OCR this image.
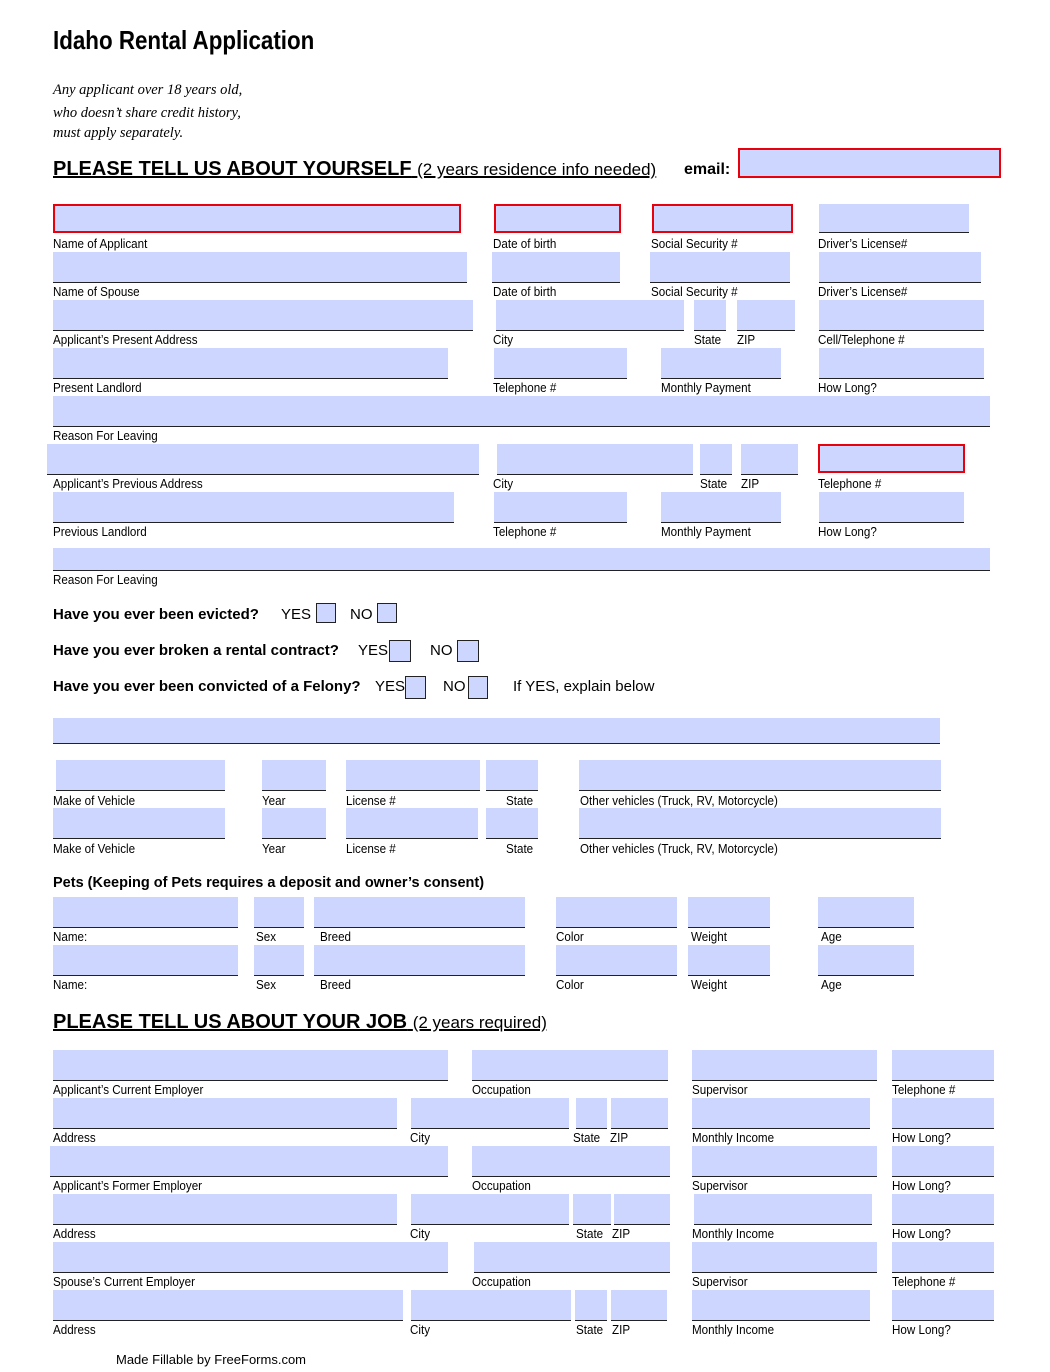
Idaho Rental Application
Any applicant over 18 years old,
who doesn’t share credit history,
must apply separately.
PLEASE TELL US ABOUT YOURSELF (2 years residence info needed) email:
Name of Applicant	Date of birth	Social Security #	Driver’s License#
Name of Spouse	Date of birth	Social Security #	Driver’s License#
Applicant’s Present Address	City	State ZIP	Cell/Telephone #
Present Landlord	Telephone #	Monthly Payment	How Long?
Reason For Leaving
Applicant’s Previous Address	City	State ZIP	Telephone #
Previous Landlord	Telephone #	Monthly Payment	How Long?
Reason For Leaving
Have you ever been evicted? YES	NO
Have you ever broken a rental contract? YES	NO
Have you ever been convicted of a Felony? YES	NO	If YES, explain below
Make of Vehicle	Year	License #	State	Other vehicles (Truck, RV, Motorcycle)
Make of Vehicle	Year	License #	State	Other vehicles (Truck, RV, Motorcycle)
Pets (Keeping of Pets requires a deposit and owner’s consent)
Name:	Sex	Breed	Color	Weight	Age
Name:	Sex	Breed	Color	Weight	Age
PLEASE TELL US ABOUT YOUR JOB (2 years required)
Applicant’s Current Employer	Occupation	Supervisor	Telephone #
Address	City	State ZIP	Monthly Income	How Long?
Applicant’s Former Employer	Occupation	Supervisor	How Long?
Address	City	State ZIP	Monthly Income	How Long?
Spouse’s Current Employer	Occupation	Supervisor	Telephone #
Address	City	State ZIP	Monthly Income	How Long?
Made Fillable by FreeForms.com
